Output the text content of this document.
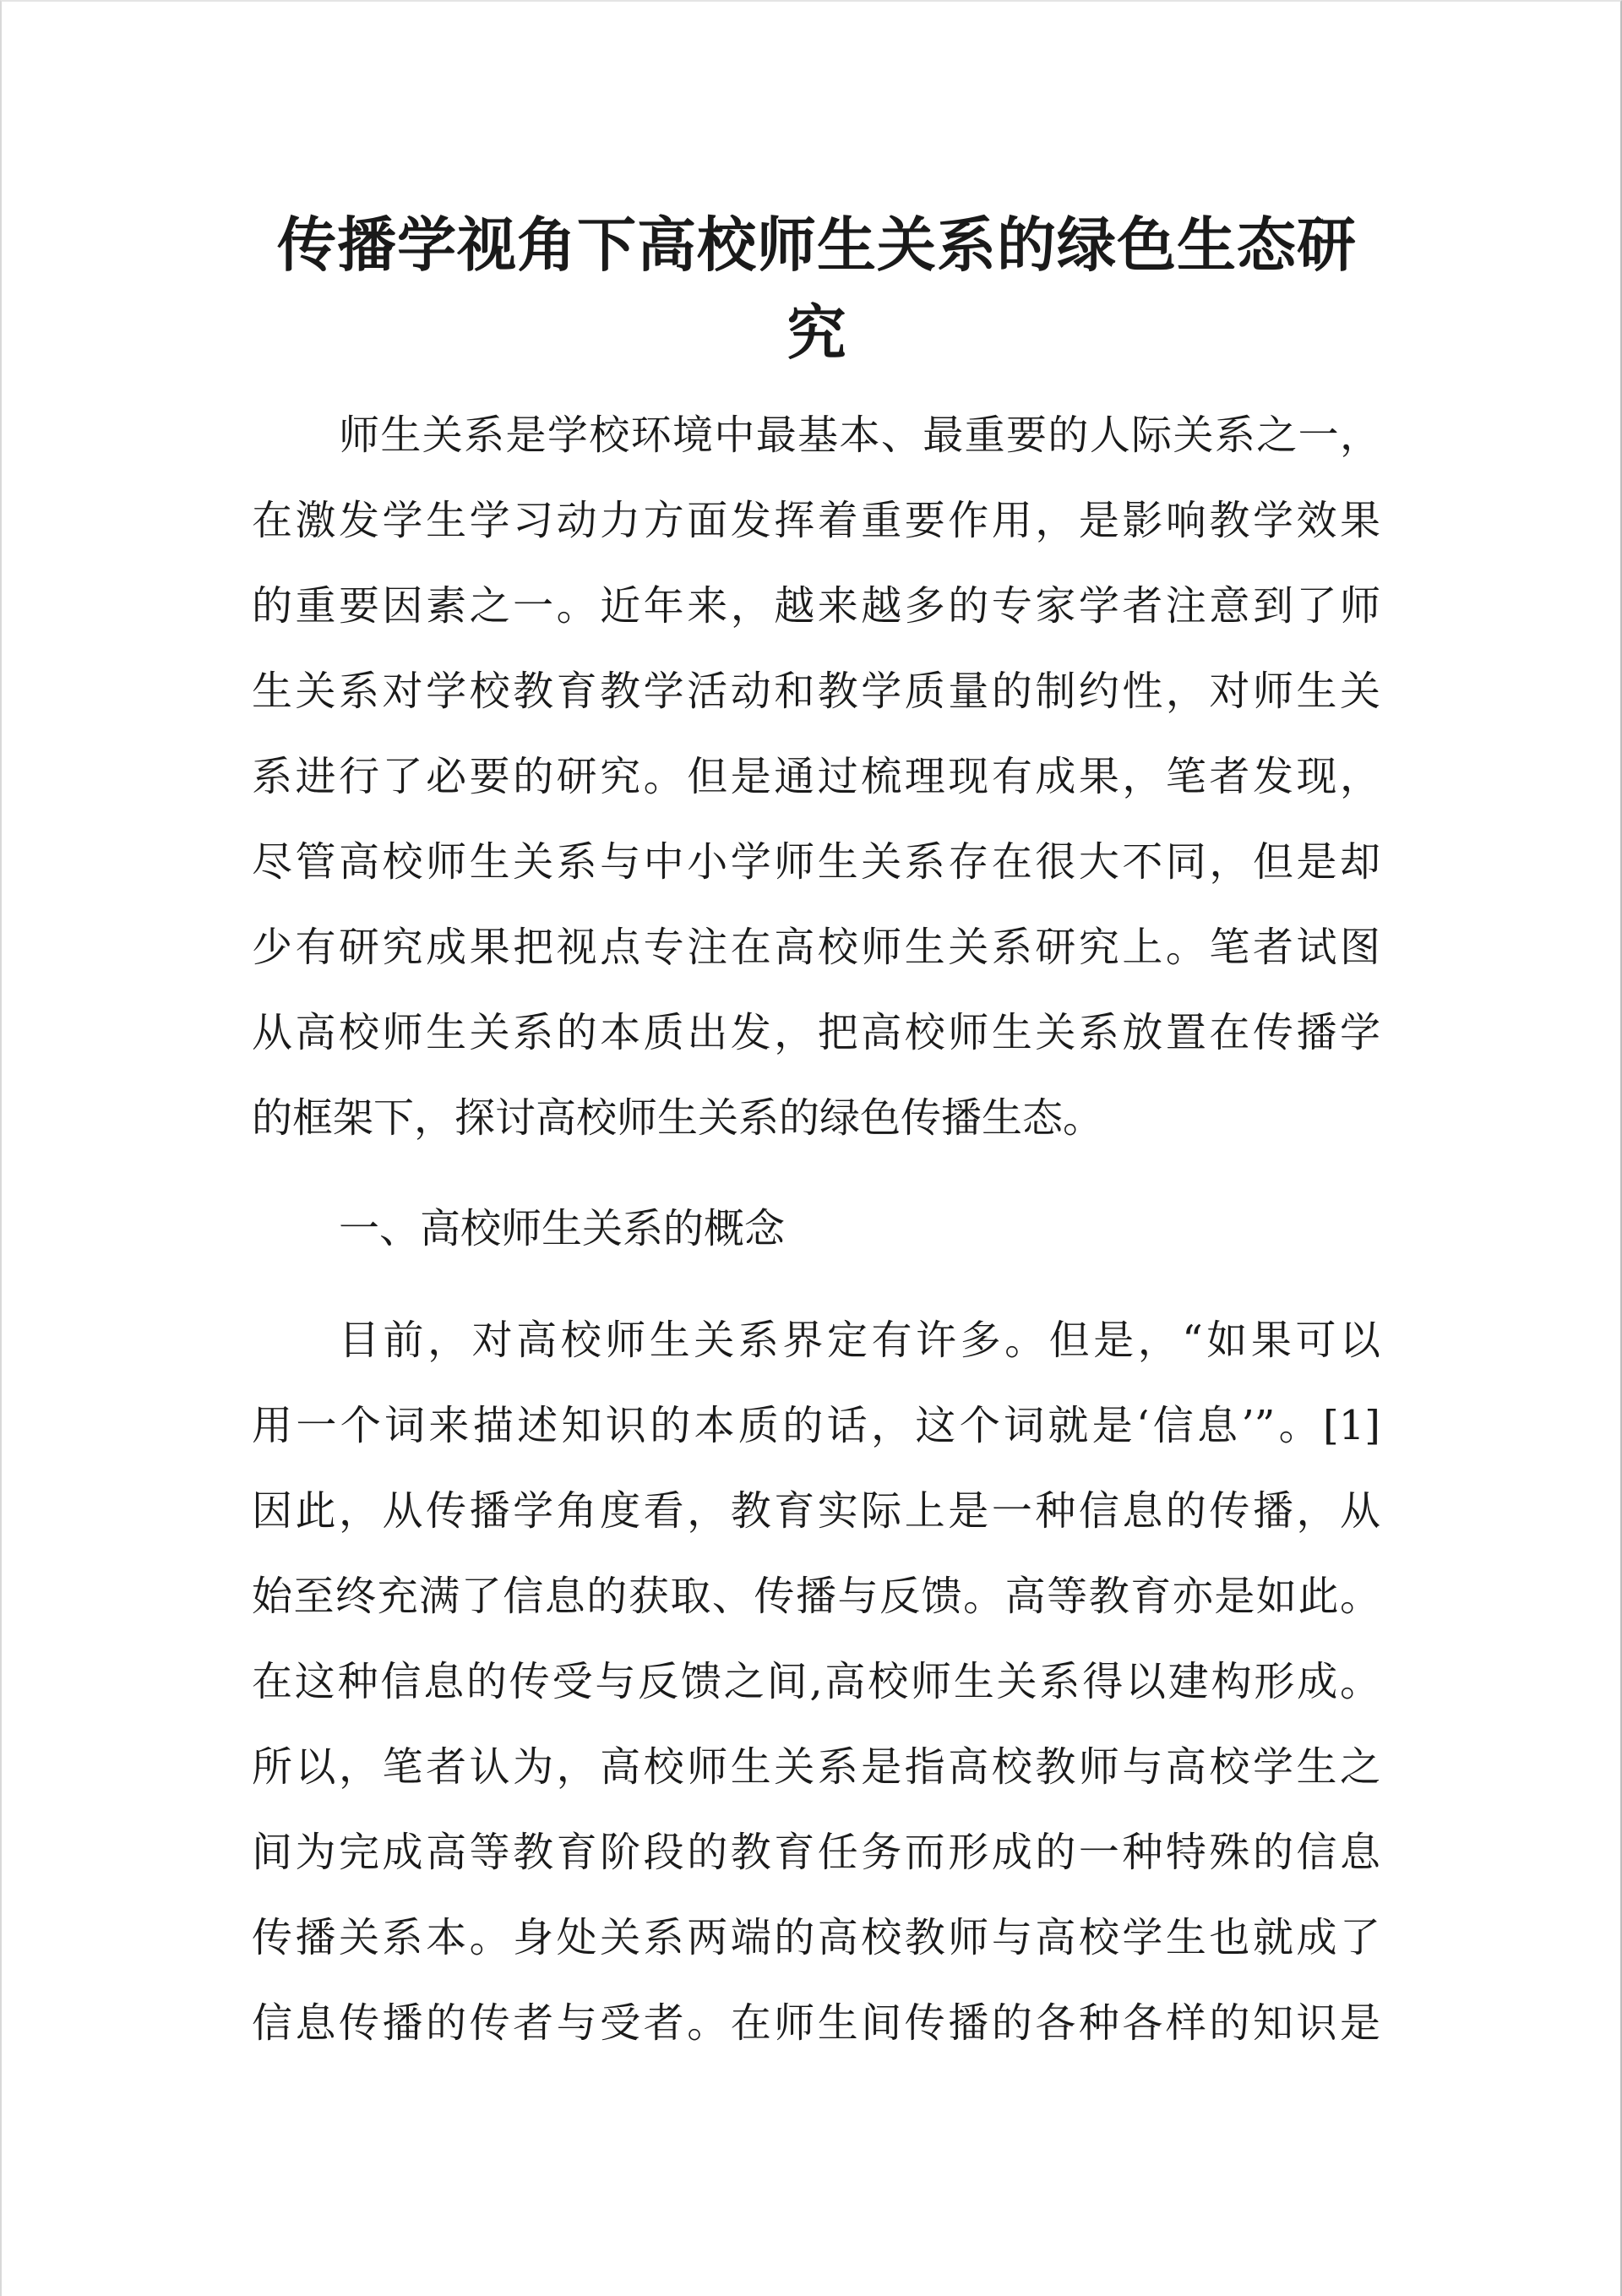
传播学视角下高校师生关系的绿色生态研究
师生关系是学校环境中最基本、最重要的人际关系之一，
在激发学生学习动力方面发挥着重要作用，是影响教学效果
的重要因素之一。近年来，越来越多的专家学者注意到了师
生关系对学校教育教学活动和教学质量的制约性，对师生关
系进行了必要的研究。但是通过梳理现有成果，笔者发现，
尽管高校师生关系与中小学师生关系存在很大不同，但是却
少有研究成果把视点专注在高校师生关系研究上。笔者试图
从高校师生关系的本质出发，把高校师生关系放置在传播学
的框架下，探讨高校师生关系的绿色传播生态。
一、高校师生关系的概念
目前，对高校师生关系界定有许多。但是，“如果可以
用一个词来描述知识的本质的话，这个词就是‘信息’”。[1]
因此，从传播学角度看，教育实际上是一种信息的传播，从
始至终充满了信息的获取、传播与反馈。高等教育亦是如此。
在这种信息的传受与反馈之间,高校师生关系得以建构形成。
所以，笔者认为，高校师生关系是指高校教师与高校学生之
间为完成高等教育阶段的教育任务而形成的一种特殊的信息
传播关系本。身处关系两端的高校教师与高校学生也就成了
信息传播的传者与受者。在师生间传播的各种各样的知识是
